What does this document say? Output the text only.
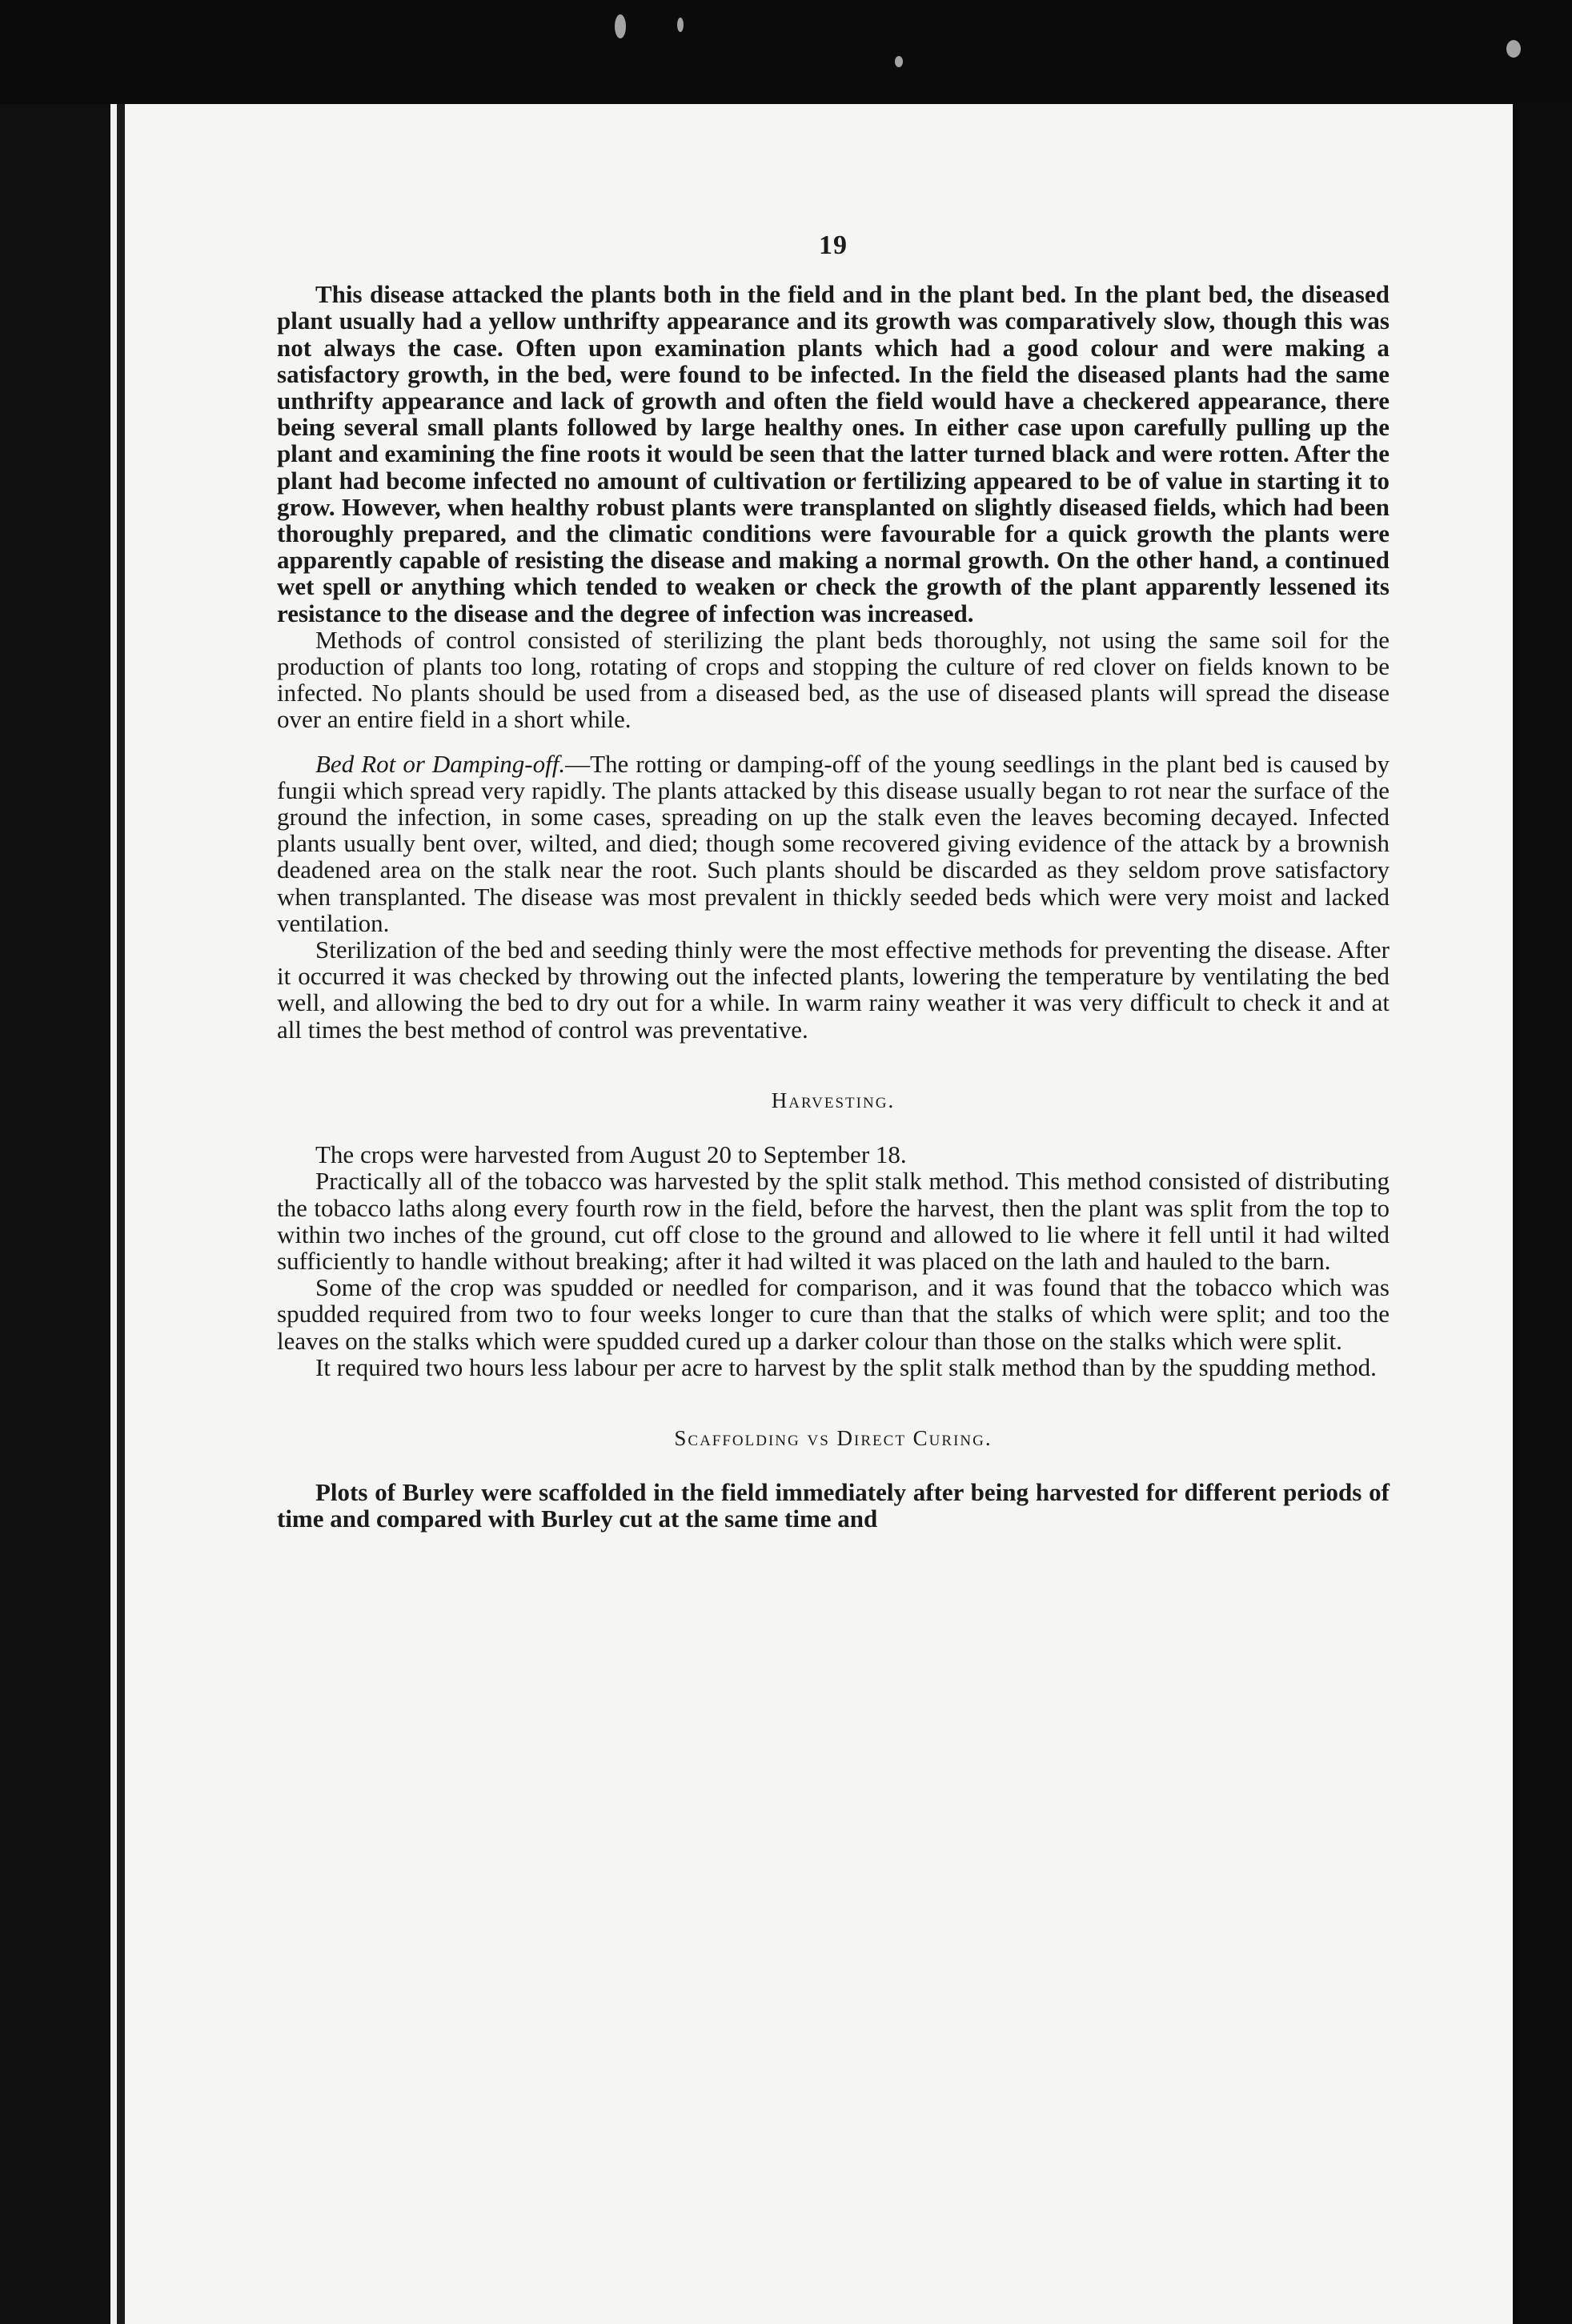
19

This disease attacked the plants both in the field and in the plant bed. In the plant bed, the diseased plant usually had a yellow unthrifty appearance and its growth was comparatively slow, though this was not always the case. Often upon examination plants which had a good colour and were making a satisfactory growth, in the bed, were found to be infected. In the field the diseased plants had the same unthrifty appearance and lack of growth and often the field would have a checkered appearance, there being several small plants followed by large healthy ones. In either case upon carefully pulling up the plant and examining the fine roots it would be seen that the latter turned black and were rotten. After the plant had become infected no amount of cultivation or fertilizing appeared to be of value in starting it to grow. However, when healthy robust plants were transplanted on slightly diseased fields, which had been thoroughly prepared, and the climatic conditions were favourable for a quick growth the plants were apparently capable of resisting the disease and making a normal growth. On the other hand, a continued wet spell or anything which tended to weaken or check the growth of the plant apparently lessened its resistance to the disease and the degree of infection was increased.

Methods of control consisted of sterilizing the plant beds thoroughly, not using the same soil for the production of plants too long, rotating of crops and stopping the culture of red clover on fields known to be infected. No plants should be used from a diseased bed, as the use of diseased plants will spread the disease over an entire field in a short while.

Bed Rot or Damping-off.—The rotting or damping-off of the young seedlings in the plant bed is caused by fungii which spread very rapidly. The plants attacked by this disease usually began to rot near the surface of the ground the infection, in some cases, spreading on up the stalk even the leaves becoming decayed. Infected plants usually bent over, wilted, and died; though some recovered giving evidence of the attack by a brownish deadened area on the stalk near the root. Such plants should be discarded as they seldom prove satisfactory when transplanted. The disease was most prevalent in thickly seeded beds which were very moist and lacked ventilation.

Sterilization of the bed and seeding thinly were the most effective methods for preventing the disease. After it occurred it was checked by throwing out the infected plants, lowering the temperature by ventilating the bed well, and allowing the bed to dry out for a while. In warm rainy weather it was very difficult to check it and at all times the best method of control was preventative.

Harvesting.

The crops were harvested from August 20 to September 18.

Practically all of the tobacco was harvested by the split stalk method. This method consisted of distributing the tobacco laths along every fourth row in the field, before the harvest, then the plant was split from the top to within two inches of the ground, cut off close to the ground and allowed to lie where it fell until it had wilted sufficiently to handle without breaking; after it had wilted it was placed on the lath and hauled to the barn.

Some of the crop was spudded or needled for comparison, and it was found that the tobacco which was spudded required from two to four weeks longer to cure than that the stalks of which were split; and too the leaves on the stalks which were spudded cured up a darker colour than those on the stalks which were split.

It required two hours less labour per acre to harvest by the split stalk method than by the spudding method.

Scaffolding vs Direct Curing.

Plots of Burley were scaffolded in the field immediately after being harvested for different periods of time and compared with Burley cut at the same time and
